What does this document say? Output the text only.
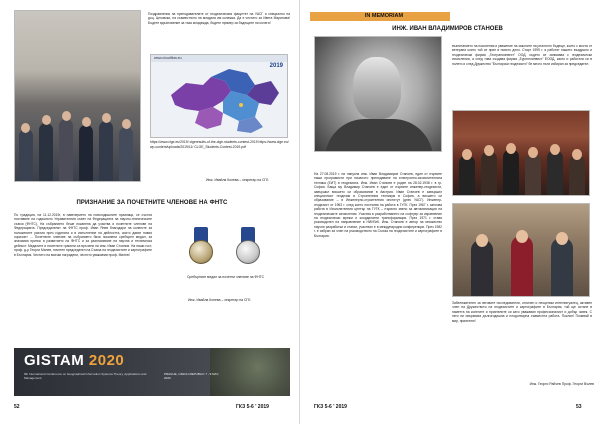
Поздравления на преподавателите от геодезическия факултет на УАСГ и специално на доц. Цеховски, на съвместното на младата им колежка. Да е честито за Ивета Маринова! Бъдете вдъхновение за таза младежда, бъдете пример за бъдещите ни колеги!
www.cloudflow.eu
2019
https://www.clge.eu/2019/ clgeresults-of-the-clge-students-contest-2019 https://www.clge.eu/wp-content/uploads/2019/11/ CLGE_Students-Contest-2019.pdf
Инж. Ивайла Колева – секретар на СГБ
ПРИЗНАНИЕ ЗА ПОЧЕТНИТЕ ЧЛЕНОВЕ НА ФНТС
По традиция, на 11.12.2019г, в навечерието на новогодишните празници, се състоя поставяне на годишното Управителния съвет на Федерацията на научно-техническите съюзи (ФНТС), На събранието беше поканена да участва и почетните членове на Федерацията. Председателят на ФНТС проф. Иван Янев благодари на колегите за положените усилия през годината и в изпълнение на дейността, които дават новия хоризонт ... Почетните членове на събранието бяха поканени сребърен медал, за значимия принос в развитието на ФНТС и за разгласяване на научна и техническа дейност. Медалите и почетните грамоти са връчени на инж. Иван Стоянов. На наши гост, проф. д-р Георги Милев, почетен председател на Съюза на геодезистите и картографите в България. Честито на всички наградени, честито уважаеми проф. Милев!
Сребърният медал за почетни членове на ФНТС
Инж. Ивайла Колева – секретар на СГБ
GISTAM 2020
6th International Conference on Geographical Information Systems Theory, Applications and Management
PRAGUE, CZECH REPUBLIC 7 - 9 MAY, 2020
52	ГКЗ 5-6 ' 2019
IN MEMORIAM
ИНЖ. ИВАН ВЛАДИМИРОВ СТАНОЕВ
възпитанието на поколения и уважение на законите на реалното бъдеще, които с моста от ветерани които той се прие в новото дело. Старт 1999 г. я работят нашето въздушно и геодезически фирма „Геотрансинвест“ ООД, където се занимава с геодезически изчисления, а след това създава фирма „Еурогеоинвест“ ЕООД, както и работата си в полето и след Дружество "Български геодезисти" бе много пъти избиран за председател.
На 27.08.2019 г. ни напусна инж. Иван Владимиров Станоев, един от първите наши програмисти при началото преподаване на електронно-изчислителната техника (ЕИТ) в геодезията. Инж. Иван Станоев е роден на 28.02.1938 г. в гр. София. Баща му Владимир Станоев е един от първите инженер-геодезисти, завършил висшето си образование в Австрия. Иван Станоев е завършил специалност геодезия в Строителния техникум в София, а висшето си образование – в Инженерно-строителния институт (днес УАСГ). Инженер-геодезист от 1963 г. след което постъпва на работа в ГУГК. През 1967 г. започва работа в Изчислителния център на ГУГК – първото звено за автоматизация на геодезическите изчисления. Участва в разработването на софтуер за изравнение на геодезически мрежи и координатни трансформации. През 1971 г. става ръководител на направление в НИИГиК. Инж. Станоев е автор на множество научни разработки и статии, участвал е в международни конференции. През 1982 г. е избран за член на ръководството на Съюза на геодезистите и картографите в България.
Забележителен за неговите последователи, отличен и неоценим интелектуалец, активен член на Дружеството на геодезистите и картографите в България, той ще остане в паметта на колегите и приятелите си като уважаван професионалист и добър човек. С него ни свързваха дългогодишна и плодотворна съвместна работа. Поклон! Почивай в мир, приятелю!
Инж. Георги Райчев Проф. Георги Вълев
ГКЗ 5-6 ' 2019	53
